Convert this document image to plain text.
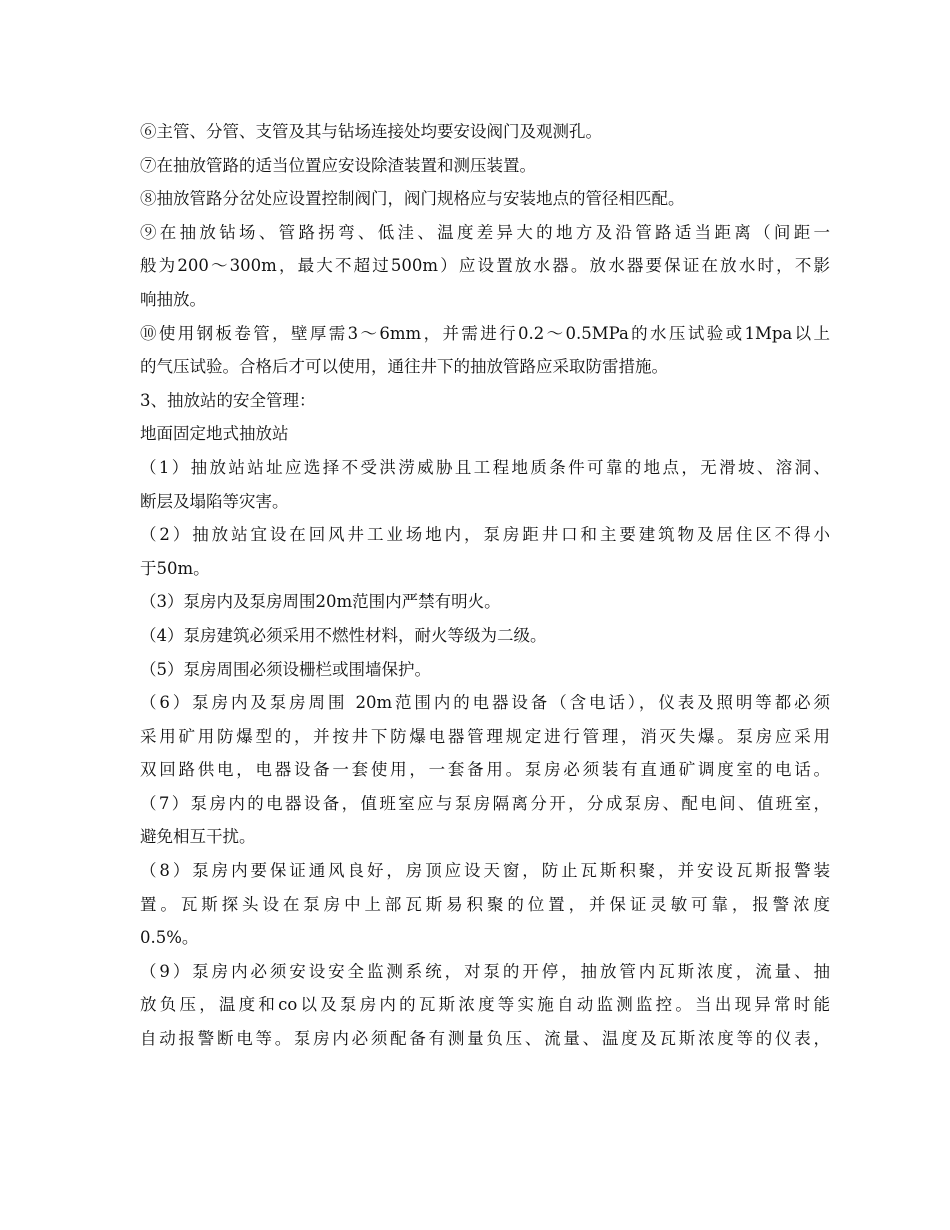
⑥主管、分管、支管及其与钻场连接处均要安设阀门及观测孔。
⑦在抽放管路的适当位置应安设除渣装置和测压装置。
⑧抽放管路分岔处应设置控制阀门，阀门规格应与安装地点的管径相匹配。
⑨在抽放钻场、管路拐弯、低洼、温度差异大的地方及沿管路适当距离（间距一
般为200～300m，最大不超过500m）应设置放水器。放水器要保证在放水时，不影
响抽放。
⑩使用钢板卷管，壁厚需3～6mm，并需进行0.2～0.5MPa的水压试验或1Mpa以上
的气压试验。合格后才可以使用，通往井下的抽放管路应采取防雷措施。
3、抽放站的安全管理：
地面固定地式抽放站
（1）抽放站站址应选择不受洪涝威胁且工程地质条件可靠的地点，无滑坡、溶洞、
断层及塌陷等灾害。
（2）抽放站宜设在回风井工业场地内，泵房距井口和主要建筑物及居住区不得小
于50m。
（3）泵房内及泵房周围20m范围内严禁有明火。
（4）泵房建筑必须采用不燃性材料，耐火等级为二级。
（5）泵房周围必须设栅栏或围墙保护。
（6）泵房内及泵房周围 20m范围内的电器设备（含电话），仪表及照明等都必须
采用矿用防爆型的，并按井下防爆电器管理规定进行管理，消灭失爆。泵房应采用
双回路供电，电器设备一套使用，一套备用。泵房必须装有直通矿调度室的电话。
（7）泵房内的电器设备，值班室应与泵房隔离分开，分成泵房、配电间、值班室，
避免相互干扰。
（8）泵房内要保证通风良好，房顶应设天窗，防止瓦斯积聚，并安设瓦斯报警装
置。瓦斯探头设在泵房中上部瓦斯易积聚的位置，并保证灵敏可靠，报警浓度
0.5%。
（9）泵房内必须安设安全监测系统，对泵的开停，抽放管内瓦斯浓度，流量、抽
放负压，温度和co以及泵房内的瓦斯浓度等实施自动监测监控。当出现异常时能
自动报警断电等。泵房内必须配备有测量负压、流量、温度及瓦斯浓度等的仪表，
